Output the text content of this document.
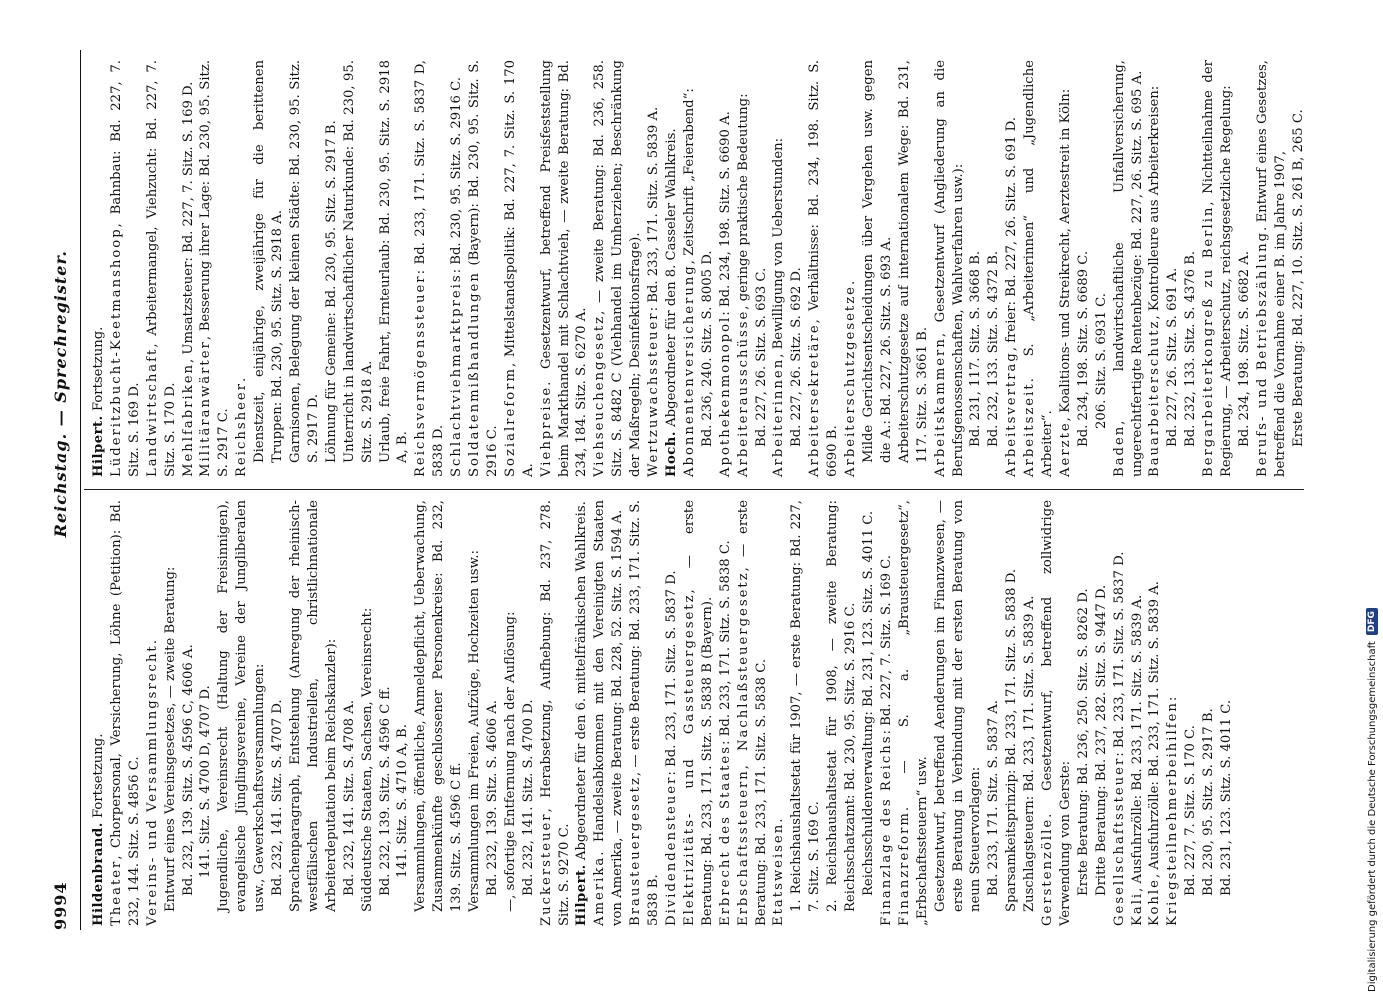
9994
Reichstag. — Sprechregister.

Hildenbrand. Fortsetzung.

Theater, Chorpersonal, Versicherung, Löhne (Petition): Bd. 232, 144. Sitz. S. 4856 C. Vereins- und Versammlungsrecht. Entwurf eines Vereinsgesetzes, — zweite Beratung: Bd. 232, 139. Sitz. S. 4596 C, 4606 A. 141. Sitz. S. 4700 D, 4707 D. Jugendliche, Vereinsrecht (Haltung der Freisinnigen), evangelische Jünglingsvereine, Vereine der Jungliberalen usw., Gewerkschaftsversammlungen: Bd. 232, 141. Sitz. S. 4707 D. Sprachenparagraph, Entstehung (Anregung der rheinisch-westfälischen Industriellen, christlichnationale Arbeiterdeputation beim Reichskanzler): Bd. 232, 141. Sitz. S. 4708 A. Süddeutsche Staaten, Sachsen, Vereinsrecht: Bd. 232, 139. Sitz. S. 4596 C ff. 141. Sitz. S. 4710 A, B. Versammlungen, öffentliche, Anmeldepflicht, Ueberwachung, Zusammenkünfte geschlossener Personenkreise: Bd. 232, 139. Sitz. S. 4596 C ff. Versammlungen im Freien, Aufzüge, Hochzeiten usw.: Bd. 232, 139. Sitz. S. 4606 A. —, sofortige Entfernung nach der Auflösung: Bd. 232, 141. Sitz. S. 4700 D. Zuckersteuer, Herabsetzung, Aufhebung: Bd. 237, 278. Sitz. S. 9270 C. Hilpert. Abgeordneter für den 6. mittelfränkischen Wahlkreis.

Amerika. Handelsabkommen mit den Vereinigten Staaten von Amerika, — zweite Beratung: Bd. 228, 52. Sitz. S. 1594 A. Brausteuergesetz, — erste Beratung: Bd. 233, 171. Sitz. S. 5838 B. Dividendensteuer: Bd. 233, 171. Sitz. S. 5837 D. Elektrizitäts- und Gassteuergesetz, — erste Beratung: Bd. 233, 171. Sitz. S. 5838 B (Bayern). Erbrecht des Staates: Bd. 233, 171. Sitz. S. 5838 C. Erbschaftssteuern, Nachlaßsteuergesetz, — erste Beratung: Bd. 233, 171. Sitz. S. 5838 C. Etatsweisen. 1. Reichshaushaltsetat für 1907, — erste Beratung: Bd. 227, 7. Sitz. S. 169 C. 2. Reichshaushaltsetat für 1908, — zweite Beratung: Reichsschatzamt: Bd. 230, 95. Sitz. S. 2916 C. Reichsschuldenverwaltung: Bd. 231, 123. Sitz. S. 4011 C. Finanzlage des Reichs: Bd. 227, 7. Sitz. S. 169 C.

Finanzreform. — S. a. „Brausteuergesetz“, „Erbschaftssteuern“ usw. Gesetzentwurf, betreffend Aenderungen im Finanzwesen, — erste Beratung in Verbindung mit der ersten Beratung von neun Steuervorlagen: Bd. 233, 171. Sitz. S. 5837 A. Sparsamkeitsprinzip: Bd. 233, 171. Sitz. S. 5838 D. Zuschlagsteuern: Bd. 233, 171. Sitz. S. 5839 A. Gerstenzölle. Gesetzentwurf, betreffend zollwidrige Verwendung von Gerste: Erste Beratung: Bd. 236, 250. Sitz. S. 8262 D. Dritte Beratung: Bd. 237, 282. Sitz. S. 9447 D. Gesellschaftssteuer: Bd. 233, 171. Sitz. S. 5837 D.

Kali, Ausfuhrzölle: Bd. 233, 171. Sitz. S. 5839 A.

Kohle, Ausfuhrzölle: Bd. 233, 171. Sitz. S. 5839 A. Kriegsteilnehmerbeihilfen:

Bd. 227, 7. Sitz. S. 170 C. Bd. 230, 95. Sitz. S. 2917 B. Bd. 231, 123. Sitz. S. 4011 C.

Hilpert. Fortsetzung. Lüderitzbucht-Keetmanshoop, Bahnbau: Bd. 227, 7. Sitz. S. 169 D. Landwirtschaft, Arbeitermangel, Viehzucht: Bd. 227, 7. Sitz. S. 170 D. Mehlfabriken, Umsatzsteuer: Bd. 227, 7. Sitz. S. 169 D.

Militäranwärter, Besserung ihrer Lage: Bd. 230, 95. Sitz. S. 2917 C. Reichsheer. Dienstzeit, einjährige, zweijährige für die berittenen Truppen: Bd. 230, 95. Sitz. S. 2918 A. Garnisonen, Belegung der kleinen Städte: Bd. 230, 95. Sitz. S. 2917 D. Löhnung für Gemeine: Bd. 230, 95. Sitz. S. 2917 B. Unterricht in landwirtschaftlicher Naturkunde: Bd. 230, 95. Sitz. S. 2918 A. Urlaub, freie Fahrt, Ernteurlaub: Bd. 230, 95. Sitz. S. 2918 A, B. Reichsvermögenssteuer: Bd. 233, 171. Sitz. S. 5837 D, 5838 D. Schlachtviehmarktpreis: Bd. 230, 95. Sitz. S. 2916 C.

Soldatenmißhandlungen (Bayern): Bd. 230, 95. Sitz. S. 2916 C. Sozialreform, Mittelstandspolitik: Bd. 227, 7. Sitz. S. 170 A. Viehpreise. Gesetzentwurf, betreffend Preisfeststellung beim Markthandel mit Schlachtvieh, — zweite Beratung: Bd. 234, 184. Sitz. S. 6270 A. Viehseuchengesetz, — zweite Beratung: Bd. 236, 258. Sitz. S. 8482 C (Viehhandel im Umherziehen; Beschränkung der Maßregeln; Desinfektionsfrage). Wertzuwachssteuer: Bd. 233, 171. Sitz. S. 5839 A.

Hoch. Abgeordneter für den 8. Casseler Wahlkreis. Abonnentenversicherung, Zeitschrift „Feierabend“:

Bd. 236, 240. Sitz. S. 8005 D. Apothekenmonopol: Bd. 234, 198. Sitz. S. 6690 A.

Arbeiterausschüsse, geringe praktische Bedeutung:

Bd. 227, 26. Sitz. S. 693 C. Arbeiterinnen, Bewilligung von Ueberstunden: Bd. 227, 26. Sitz. S. 692 D. Arbeitersekretäre, Verhältnisse: Bd. 234, 198. Sitz. S. 6690 B. Arbeiterschutzgesetze. Milde Gerichtsentscheidungen über Vergehen usw. gegen die A.: Bd. 227, 26. Sitz. S. 693 A. Arbeiterschutzgesetze auf internationalem Wege: Bd. 231, 117. Sitz. S. 3661 B. Arbeitskammern, Gesetzentwurf (Angliederung an die Berufsgenossenschaften, Wahlverfahren usw.): Bd. 231, 117. Sitz. S. 3668 B. Bd. 232, 133. Sitz. S. 4372 B. Arbeitsvertrag, freier: Bd. 227, 26. Sitz. S. 691 D.

Arbeitszeit. S. „Arbeiterinnen“ und „Jugendliche Arbeiter“. Aerzte, Koalitions- und Streikrecht, Aerztestreit in Köln: Bd. 234, 198. Sitz. S. 6689 C. 206. Sitz. S. 6931 C.

Baden, landwirtschaftliche Unfallversicherung, ungerechtfertigte Rentenbezüge: Bd. 227, 26. Sitz. S. 695 A. Bauarbeiterschutz, Kontrolleure aus Arbeiterkreisen:

Bd. 227, 26. Sitz. S. 691 A. Bd. 232, 133. Sitz. S. 4376 B. Bergarbeiterkongreß zu Berlin, Nichtteilnahme der Regierung, — Arbeiterschutz, reichsgesetzliche Regelung: Bd. 234, 198. Sitz. S. 6682 A. Berufs- und Betriebszählung. Entwurf eines Gesetzes, betreffend die Vornahme einer B. im Jahre 1907, Erste Beratung: Bd. 227, 10. Sitz. S. 261 B, 265 C.

Digitalisierung gefördert durch die Deutsche Forschungsgemeinschaft
DFG
